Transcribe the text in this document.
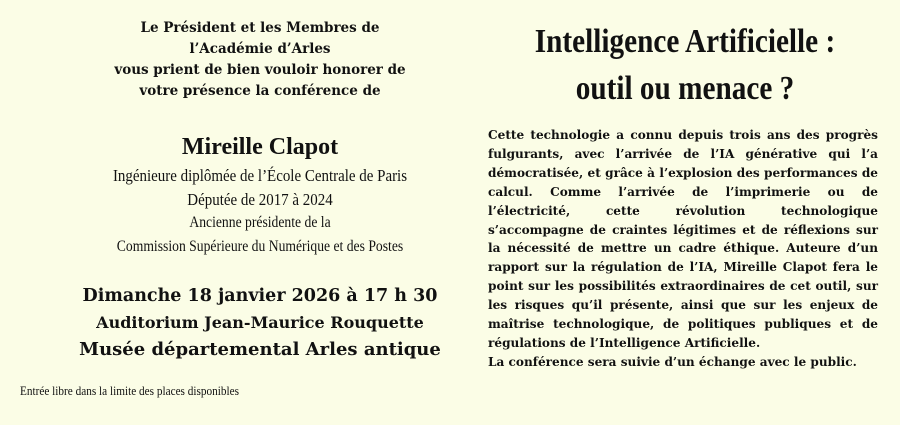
Le Président et les Membres de
l’Académie d’Arles
vous prient de bien vouloir honorer de
votre présence la conférence de
Mireille Clapot
Ingénieure diplômée de l’École Centrale de Paris
Députée de 2017 à 2024
Ancienne présidente de la
Commission Supérieure du Numérique et des Postes
Dimanche 18 janvier 2026 à 17 h 30
Auditorium Jean-Maurice Rouquette
Musée départemental Arles antique
Entrée libre dans la limite des places disponibles
Intelligence Artificielle :
outil ou menace ?

Cette technologie a connu depuis trois ans des progrès fulgurants, avec l’arrivée de l’IA générative qui l’a démocratisée, et grâce à l’explosion des performances de calcul. Comme l’arrivée de l’imprimerie ou de l’électricité, cette révolution technologique s’accompagne de craintes légitimes et de réflexions sur la nécessité de mettre un cadre éthique. Auteure d’un rapport sur la régulation de l’IA, Mireille Clapot fera le point sur les possibilités extraordinaires de cet outil, sur les risques qu’il présente, ainsi que sur les enjeux de maîtrise technologique, de politiques publiques et de régulations de l’Intelligence Artificielle.

La conférence sera suivie d’un échange avec le public.
